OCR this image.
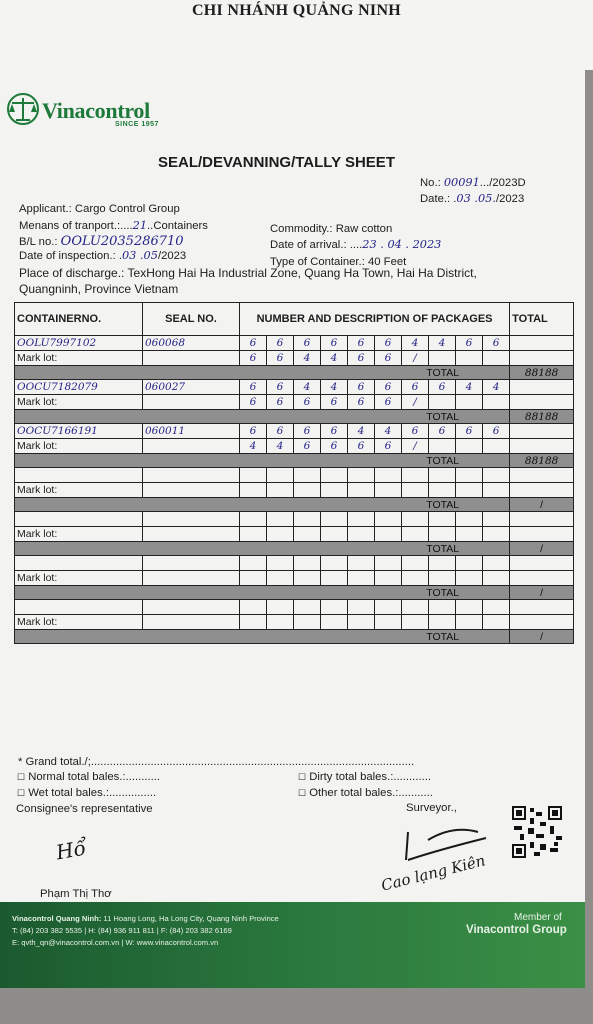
CHI NHÁNH QUẢNG NINH
Vinacontrol
SINCE 1957
SEAL/DEVANNING/TALLY SHEET
No.: 00091.../2023D
Date.: .03 .05./2023
Applicant.: Cargo Control Group
Menans of tranport.:....21..Containers
B/L no.: OOLU2035286710
Date of inspection.: .03 .05/2023
Commodity.: Raw cotton
Date of arrival.: ....23 . 04 . 2023
Type of Container.: 40 Feet
Place of discharge.: TexHong Hai Ha Industrial Zone, Quang Ha Town, Hai Ha District,
Quangninh, Province Vietnam
CONTAINERNO.	SEAL NO.	NUMBER AND DESCRIPTION OF PACKAGES										TOTAL
OOLU7997102	060068	6	6	6	6	6	6	4	4	6	6	
Mark lot:		6	6	4	4	6	6	/				
TOTAL												88188
OOCU7182079	060027	6	6	4	4	6	6	6	6	4	4	
Mark lot:		6	6	6	6	6	6	/				
TOTAL												88188
OOCU7166191	060011	6	6	6	6	4	4	6	6	6	6	
Mark lot:		4	4	6	6	6	6	/				
TOTAL												88188

Mark lot:												
TOTAL												/

Mark lot:												
TOTAL												/

Mark lot:												
TOTAL												/

Mark lot:												
TOTAL												/
* Grand total./;.......................................................................................................
☐ Normal total bales.:...........	☐ Dirty total bales.:............
☐ Wet total bales.:...............	☐ Other total bales.:...........
Consignee's representative	Surveyor.,
Hổ
Cao lạng Kiên
Phạm Thị Thơ
Vinacontrol Quang Ninh: 11 Hoang Long, Ha Long City, Quang Ninh Province
T: (84) 203 382 5535 | H: (84) 936 911 811 | F: (84) 203 382 6169
E: qvth_qn@vinacontrol.com.vn | W: www.vinacontrol.com.vn
Member of
Vinacontrol Group
